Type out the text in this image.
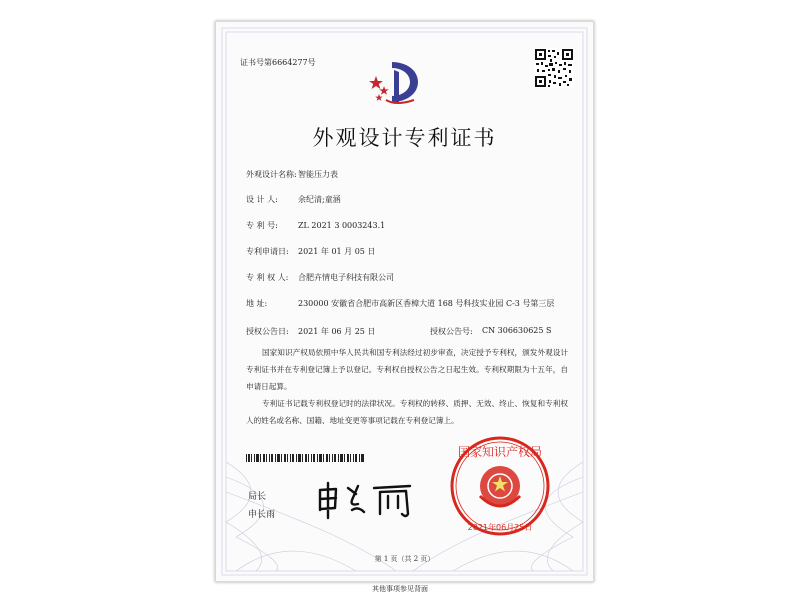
证书号第6664277号
外观设计专利证书
外观设计名称: 智能压力表
设 计 人:	余纪清;童涵
专 利 号:	ZL 2021 3 0003243.1
专利申请日:	2021 年 01 月 05 日
专 利 权 人:	合肥卉情电子科技有限公司
地 址:	230000 安徽省合肥市高新区香樟大道 168 号科技实业园 C-3 号第三层
授权公告日:	2021 年 06 月 25 日	授权公告号:	CN 306630625 S
国家知识产权局依照中华人民共和国专利法经过初步审查，决定授予专利权，颁发外观设计专利证书并在专利登记簿上予以登记。专利权自授权公告之日起生效。专利权期限为十五年，自申请日起算。
专利证书记载专利权登记时的法律状况。专利权的转移、质押、无效、终止、恢复和专利权人的姓名或名称、国籍、地址变更等事项记载在专利登记簿上。
局长
申长雨
国家知识产权局
2021年06月25日
第 1 页（共 2 页）
其他事项参见背面
